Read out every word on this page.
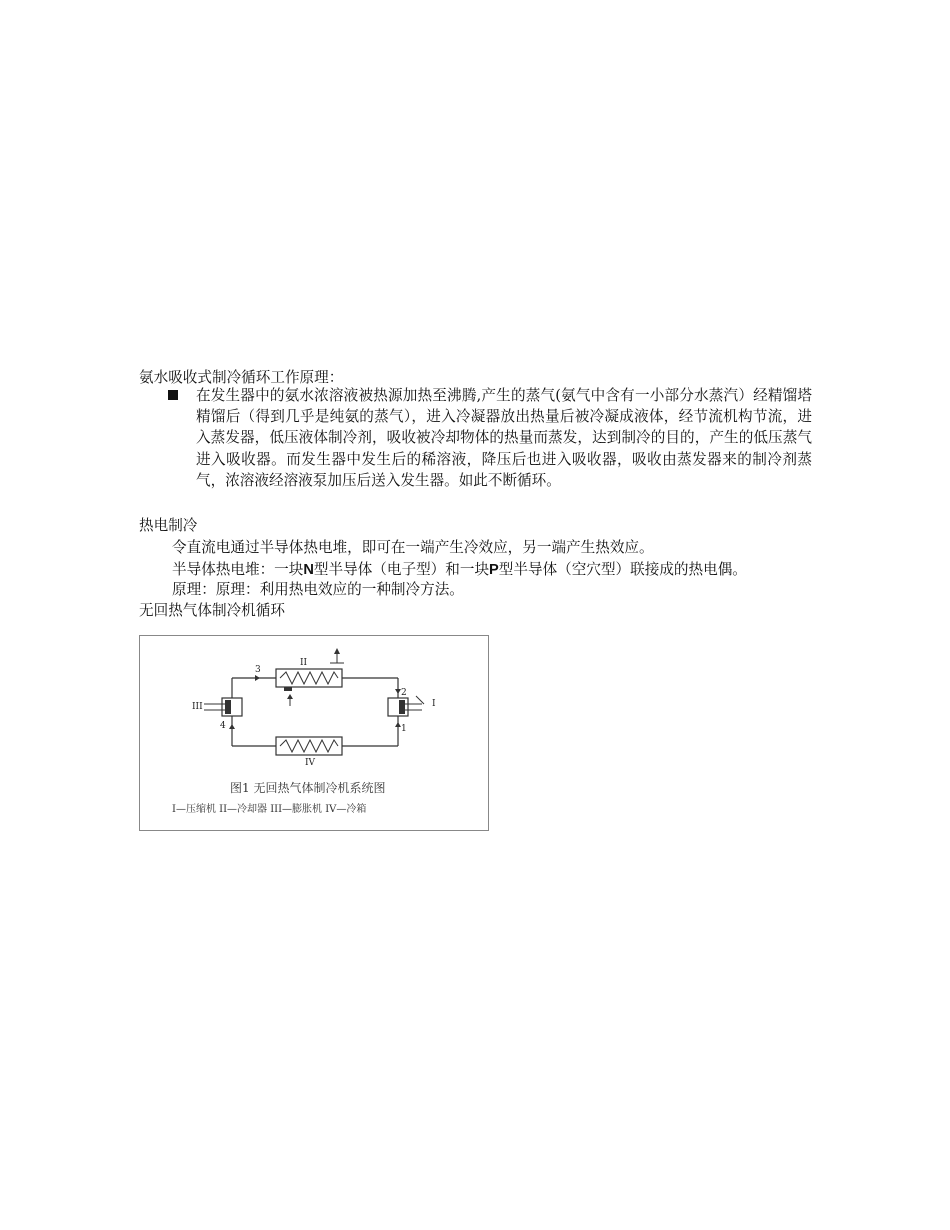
氨水吸收式制冷循环工作原理：
在发生器中的氨水浓溶液被热源加热至沸腾,产生的蒸气(氨气中含有一小部分水蒸汽）经精馏塔精馏后（得到几乎是纯氨的蒸气），进入冷凝器放出热量后被冷凝成液体，经节流机构节流，进入蒸发器，低压液体制冷剂，吸收被冷却物体的热量而蒸发，达到制冷的目的，产生的低压蒸气进入吸收器。而发生器中发生后的稀溶液，降压后也进入吸收器，吸收由蒸发器来的制冷剂蒸气，浓溶液经溶液泵加压后送入发生器。如此不断循环。
热电制冷
令直流电通过半导体热电堆，即可在一端产生冷效应，另一端产生热效应。
半导体热电堆：一块N型半导体（电子型）和一块P型半导体（空穴型）联接成的热电偶。
原理：原理：利用热电效应的一种制冷方法。
无回热气体制冷机循环
II
IV
III	I
1
2
3
4
图1 无回热气体制冷机系统图
I—压缩机 II—冷却器 III—膨胀机 IV—冷箱
